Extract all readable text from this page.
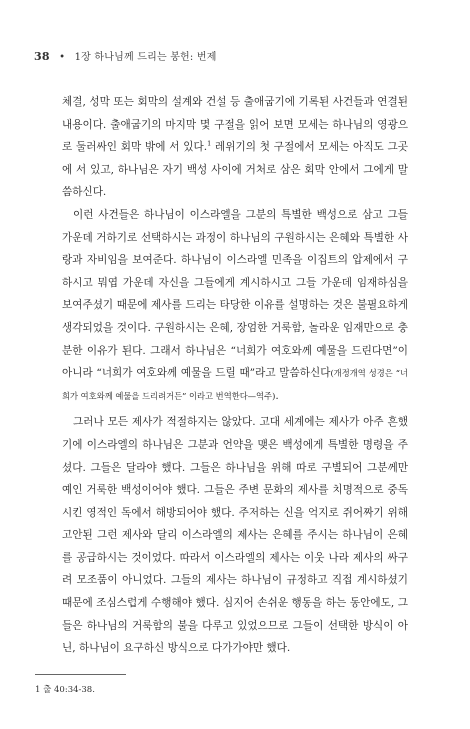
38 • 1장 하나님께 드리는 봉헌: 번제

체결, 성막 또는 회막의 설계와 건설 등 출애굽기에 기록된 사건들과 연결된 내용이다. 출애굽기의 마지막 몇 구절을 읽어 보면 모세는 하나님의 영광으로 둘러싸인 회막 밖에 서 있다.$^1$ 레위기의 첫 구절에서 모세는 아직도 그곳에 서 있고, 하나님은 자기 백성 사이에 거처로 삼은 회막 안에서 그에게 말씀하신다.

이런 사건들은 하나님이 이스라엘을 그분의 특별한 백성으로 삼고 그들 가운데 거하기로 선택하시는 과정이 하나님의 구원하시는 은혜와 특별한 사랑과 자비임을 보여준다. 하나님이 이스라엘 민족을 이집트의 압제에서 구하시고 뭐엽 가운데 자신을 그들에게 계시하시고 그들 가운데 임재하심을 보여주셨기 때문에 제사를 드리는 타당한 이유를 설명하는 것은 불필요하게 생각되었을 것이다. 구원하시는 은혜, 장엄한 거룩함, 놀라운 임재만으로 충분한 이유가 된다. 그래서 하나님은 “너희가 여호와께 예물을 드린다면”이 아니라 “너희가 여호와께 예물을 드릴 때”라고 말씀하신다(개정개역 성경은 “너희가 여호와께 예물을 드리려거든” 이라고 번역한다—역주).

그러나 모든 제사가 적절하지는 않았다. 고대 세계에는 제사가 아주 흔했기에 이스라엘의 하나님은 그분과 언약을 맺은 백성에게 특별한 명령을 주셨다. 그들은 달라야 했다. 그들은 하나님을 위해 따로 구별되어 그분께만 예인 거룩한 백성이어야 했다. 그들은 주변 문화의 제사를 치명적으로 중독시킨 영적인 독에서 해방되어야 했다. 주저하는 신을 억지로 쥐어짜기 위해 고안된 그런 제사와 달리 이스라엘의 제사는 은혜를 주시는 하나님이 은혜를 공급하시는 것이었다. 따라서 이스라엘의 제사는 이웃 나라 제사의 싸구려 모조품이 아니었다. 그들의 제사는 하나님이 규정하고 직접 계시하셨기 때문에 조심스럽게 수행해야 했다. 심지어 손쉬운 행동을 하는 동안에도, 그들은 하나님의 거룩함의 불을 다루고 있었으므로 그들이 선택한 방식이 아닌, 하나님이 요구하신 방식으로 다가가야만 했다.

1 출 40:34-38.
